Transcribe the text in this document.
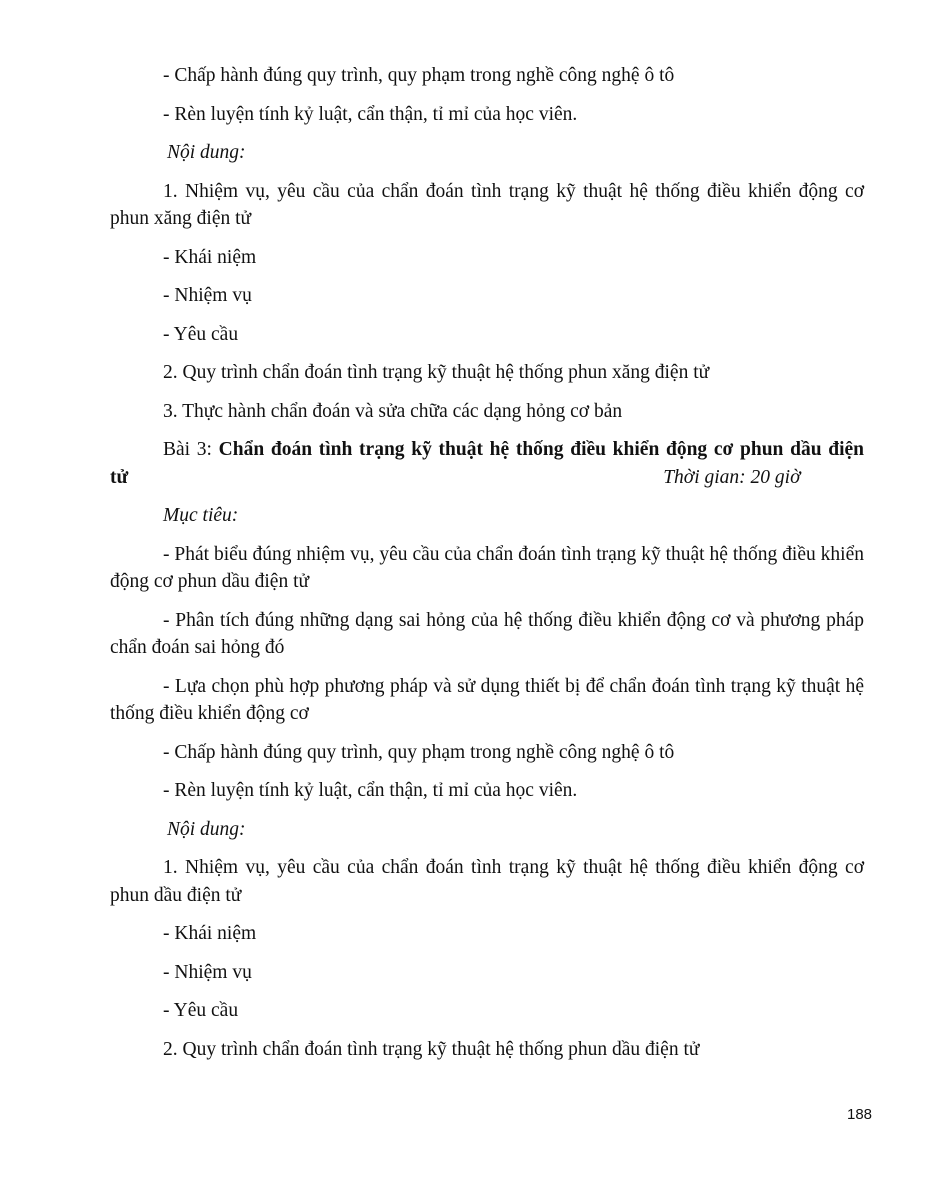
- Chấp hành đúng quy trình, quy phạm trong nghề công nghệ ô tô

- Rèn luyện tính kỷ luật, cẩn thận, tỉ mỉ của học viên.

Nội dung:

1. Nhiệm vụ, yêu cầu của chẩn đoán tình trạng kỹ thuật hệ thống điều khiển động cơ phun xăng điện tử

- Khái niệm

- Nhiệm vụ

- Yêu cầu

2. Quy trình chẩn đoán tình trạng kỹ thuật hệ thống phun xăng điện tử

3. Thực hành chẩn đoán và sửa chữa các dạng hỏng cơ bản

Bài 3: Chẩn đoán tình trạng kỹ thuật hệ thống điều khiển động cơ phun dầu điện
tử	Thời gian: 20 giờ

Mục tiêu:

- Phát biểu đúng nhiệm vụ, yêu cầu của chẩn đoán tình trạng kỹ thuật hệ thống điều khiển động cơ phun dầu điện tử

- Phân tích đúng những dạng sai hỏng của hệ thống điều khiển động cơ và phương pháp chẩn đoán sai hỏng đó

- Lựa chọn phù hợp phương pháp và sử dụng thiết bị để chẩn đoán tình trạng kỹ thuật hệ thống điều khiển động cơ

- Chấp hành đúng quy trình, quy phạm trong nghề công nghệ ô tô

- Rèn luyện tính kỷ luật, cẩn thận, tỉ mỉ của học viên.

Nội dung:

1. Nhiệm vụ, yêu cầu của chẩn đoán tình trạng kỹ thuật hệ thống điều khiển động cơ phun dầu điện tử

- Khái niệm

- Nhiệm vụ

- Yêu cầu

2. Quy trình chẩn đoán tình trạng kỹ thuật hệ thống phun dầu điện tử

188
